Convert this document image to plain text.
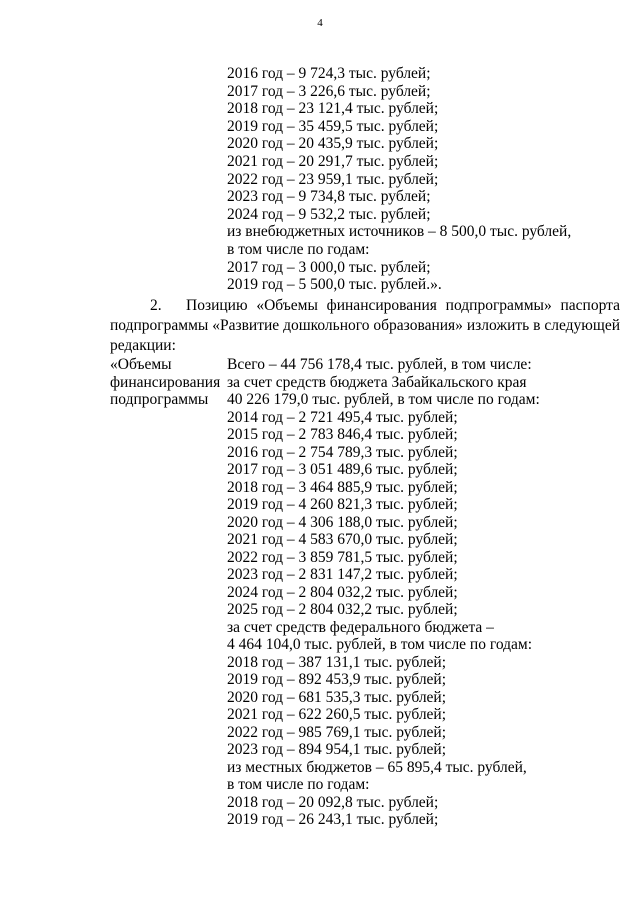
4
2016 год – 9 724,3 тыс. рублей;
2017 год – 3 226,6 тыс. рублей;
2018 год – 23 121,4 тыс. рублей;
2019 год – 35 459,5 тыс. рублей;
2020 год – 20 435,9 тыс. рублей;
2021 год – 20 291,7 тыс. рублей;
2022 год – 23 959,1 тыс. рублей;
2023 год – 9 734,8 тыс. рублей;
2024 год – 9 532,2 тыс. рублей;
из внебюджетных источников – 8 500,0 тыс. рублей,
в том числе по годам:
2017 год – 3 000,0 тыс. рублей;
2019 год – 5 500,0 тыс. рублей.».
2. Позицию «Объемы финансирования подпрограммы» паспорта
подпрограммы «Развитие дошкольного образования» изложить в следующей
редакции:
«Объемы
финансирования
подпрограммы
Всего – 44 756 178,4 тыс. рублей, в том числе:
за счет средств бюджета Забайкальского края
40 226 179,0 тыс. рублей, в том числе по годам:
2014 год – 2 721 495,4 тыс. рублей;
2015 год – 2 783 846,4 тыс. рублей;
2016 год – 2 754 789,3 тыс. рублей;
2017 год – 3 051 489,6 тыс. рублей;
2018 год – 3 464 885,9 тыс. рублей;
2019 год – 4 260 821,3 тыс. рублей;
2020 год – 4 306 188,0 тыс. рублей;
2021 год – 4 583 670,0 тыс. рублей;
2022 год – 3 859 781,5 тыс. рублей;
2023 год – 2 831 147,2 тыс. рублей;
2024 год – 2 804 032,2 тыс. рублей;
2025 год – 2 804 032,2 тыс. рублей;
за счет средств федерального бюджета –
4 464 104,0 тыс. рублей, в том числе по годам:
2018 год – 387 131,1 тыс. рублей;
2019 год – 892 453,9 тыс. рублей;
2020 год – 681 535,3 тыс. рублей;
2021 год – 622 260,5 тыс. рублей;
2022 год – 985 769,1 тыс. рублей;
2023 год – 894 954,1 тыс. рублей;
из местных бюджетов – 65 895,4 тыс. рублей,
в том числе по годам:
2018 год – 20 092,8 тыс. рублей;
2019 год – 26 243,1 тыс. рублей;
